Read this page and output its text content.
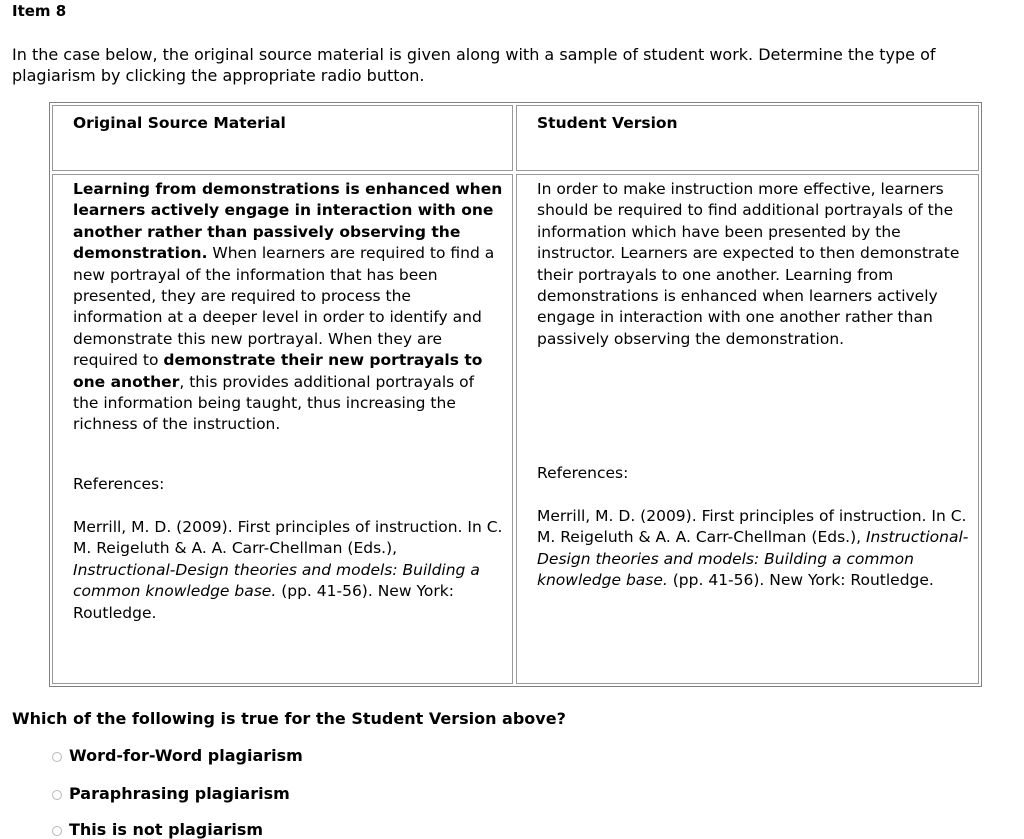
Item 8
In the case below, the original source material is given along with a sample of student work. Determine the type of plagiarism by clicking the appropriate radio button.
Original Source Material	Student Version
Learning from demonstrations is enhanced when learners actively engage in interaction with one another rather than passively observing the demonstration. When learners are required to find a new portrayal of the information that has been presented, they are required to process the information at a deeper level in order to identify and demonstrate this new portrayal. When they are required to demonstrate their new portrayals to one another, this provides additional portrayals of the information being taught, thus increasing the richness of the instruction.
References:
Merrill, M. D. (2009). First principles of instruction. In C. M. Reigeluth & A. A. Carr-Chellman (Eds.), Instructional-Design theories and models: Building a common knowledge base. (pp. 41-56). New York: Routledge.
In order to make instruction more effective, learners should be required to find additional portrayals of the information which have been presented by the instructor. Learners are expected to then demonstrate their portrayals to one another. Learning from demonstrations is enhanced when learners actively engage in interaction with one another rather than passively observing the demonstration.
References:
Merrill, M. D. (2009). First principles of instruction. In C. M. Reigeluth & A. A. Carr-Chellman (Eds.), Instructional-Design theories and models: Building a common knowledge base. (pp. 41-56). New York: Routledge.
Which of the following is true for the Student Version above?
Word-for-Word plagiarism
Paraphrasing plagiarism
This is not plagiarism
